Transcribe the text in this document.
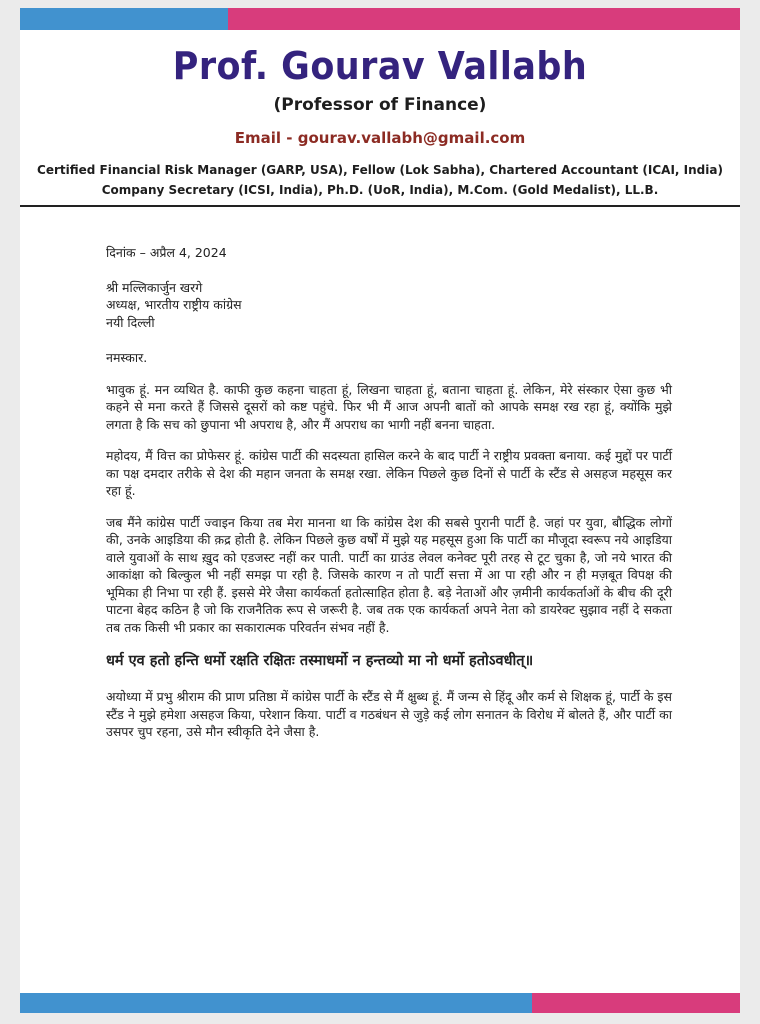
Prof. Gourav Vallabh
(Professor of Finance)
Email - gourav.vallabh@gmail.com
Certified Financial Risk Manager (GARP, USA), Fellow (Lok Sabha), Chartered Accountant (ICAI, India)
Company Secretary (ICSI, India), Ph.D. (UoR, India), M.Com. (Gold Medalist), LL.B.

दिनांक – अप्रैल 4, 2024

श्री मल्लिकार्जुन खरगे
अध्यक्ष, भारतीय राष्ट्रीय कांग्रेस
नयी दिल्ली

नमस्कार.

भावुक हूं. मन व्यथित है. काफी कुछ कहना चाहता हूं, लिखना चाहता हूं, बताना चाहता हूं. लेकिन, मेरे संस्कार ऐसा कुछ भी कहने से मना करते हैं जिससे दूसरों को कष्ट पहुंचे. फिर भी मैं आज अपनी बातों को आपके समक्ष रख रहा हूं, क्योंकि मुझे लगता है कि सच को छुपाना भी अपराध है, और मैं अपराध का भागी नहीं बनना चाहता.

महोदय, मैं वित्त का प्रोफेसर हूं. कांग्रेस पार्टी की सदस्यता हासिल करने के बाद पार्टी ने राष्ट्रीय प्रवक्ता बनाया. कई मुद्दों पर पार्टी का पक्ष दमदार तरीके से देश की महान जनता के समक्ष रखा. लेकिन पिछले कुछ दिनों से पार्टी के स्टैंड से असहज महसूस कर रहा हूं.

जब मैंने कांग्रेस पार्टी ज्वाइन किया तब मेरा मानना था कि कांग्रेस देश की सबसे पुरानी पार्टी है. जहां पर युवा, बौद्धिक लोगों की, उनके आइडिया की क़द्र होती है. लेकिन पिछले कुछ वर्षों में मुझे यह महसूस हुआ कि पार्टी का मौजूदा स्वरूप नये आइडिया वाले युवाओं के साथ ख़ुद को एडजस्ट नहीं कर पाती. पार्टी का ग्राउंड लेवल कनेक्ट पूरी तरह से टूट चुका है, जो नये भारत की आकांक्षा को बिल्कुल भी नहीं समझ पा रही है. जिसके कारण न तो पार्टी सत्ता में आ पा रही और न ही मज़बूत विपक्ष की भूमिका ही निभा पा रही हैं. इससे मेरे जैसा कार्यकर्ता हतोत्साहित होता है. बड़े नेताओं और ज़मीनी कार्यकर्ताओं के बीच की दूरी पाटना बेहद कठिन है जो कि राजनैतिक रूप से जरूरी है. जब तक एक कार्यकर्ता अपने नेता को डायरेक्ट सुझाव नहीं दे सकता तब तक किसी भी प्रकार का सकारात्मक परिवर्तन संभव नहीं है.

धर्म एव हतो हन्ति धर्मो रक्षति रक्षितः तस्माधर्मो न हन्तव्यो मा नो धर्मो हतोऽवधीत्॥

अयोध्या में प्रभु श्रीराम की प्राण प्रतिष्ठा में कांग्रेस पार्टी के स्टैंड से मैं क्षुब्ध हूं. मैं जन्म से हिंदू और कर्म से शिक्षक हूं, पार्टी के इस स्टैंड ने मुझे हमेशा असहज किया, परेशान किया. पार्टी व गठबंधन से जुड़े कई लोग सनातन के विरोध में बोलते हैं, और पार्टी का उसपर चुप रहना, उसे मौन स्वीकृति देने जैसा है.
